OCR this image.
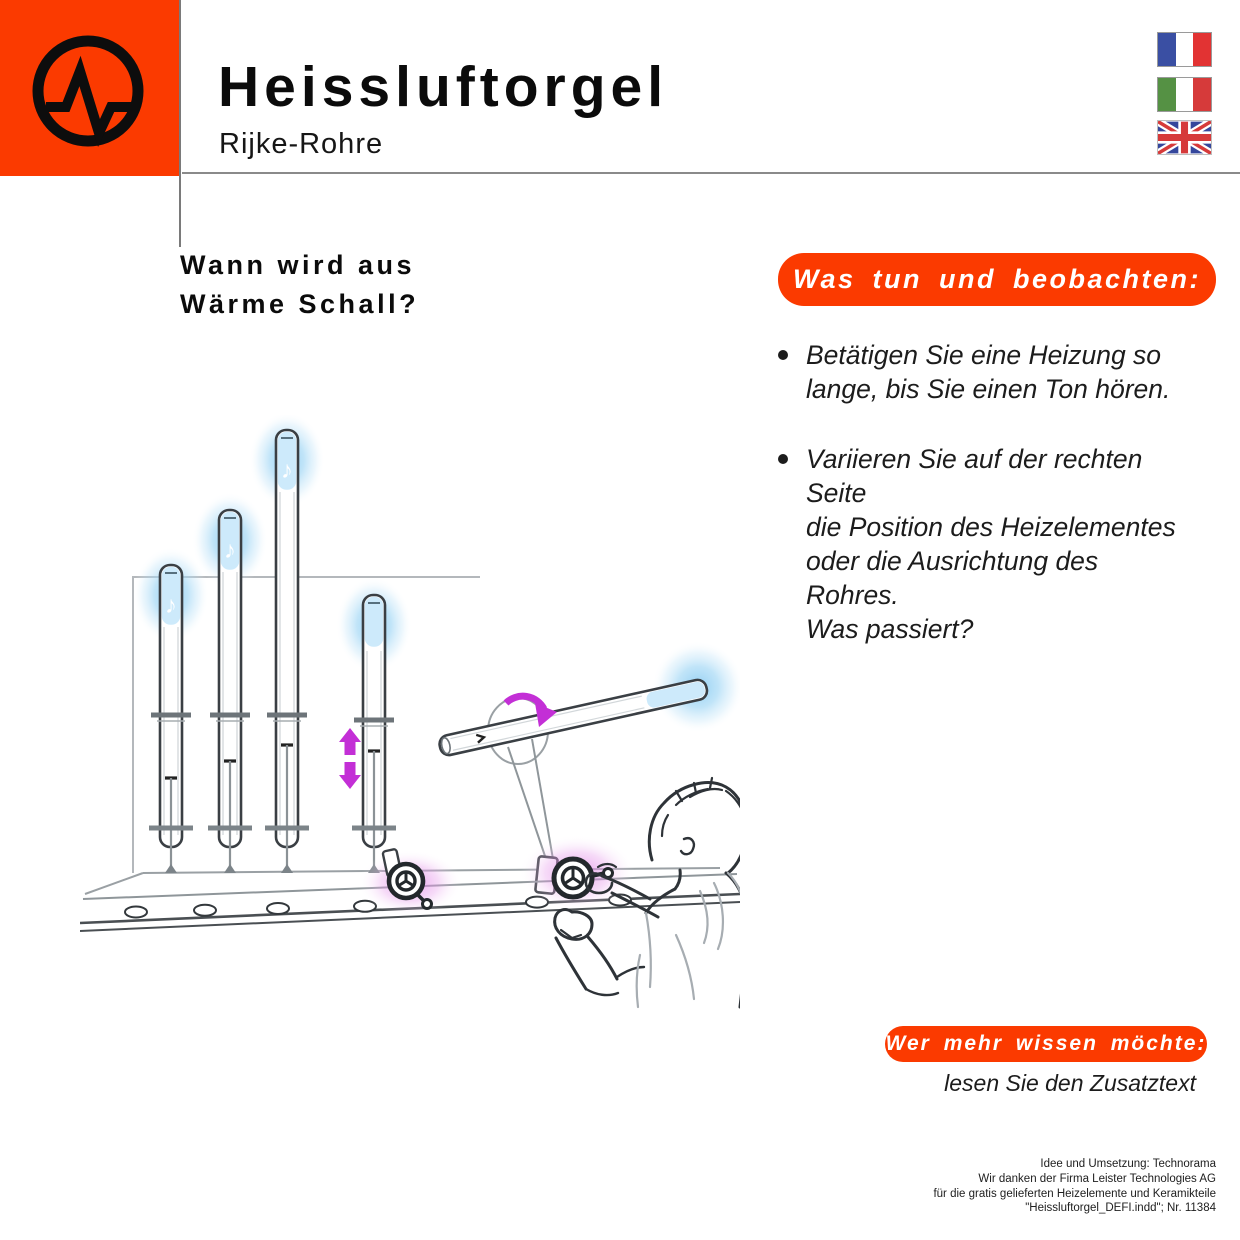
Heissluftorgel
Rijke-Rohre
Wann wird aus
Wärme Schall?
Was tun und beobachten:
Betätigen Sie eine Heizung so
lange, bis Sie einen Ton hören.
Variieren Sie auf der rechten Seite
die Position des Heizelementes
oder die Ausrichtung des Rohres.
Was passiert?
Wer mehr wissen möchte:
lesen Sie den Zusatztext
Idee und Umsetzung: Technorama
Wir danken der Firma Leister Technologies AG
für die gratis gelieferten Heizelemente und Keramikteile
"Heissluftorgel_DEFI.indd"; Nr. 11384
♪
♪
♪
